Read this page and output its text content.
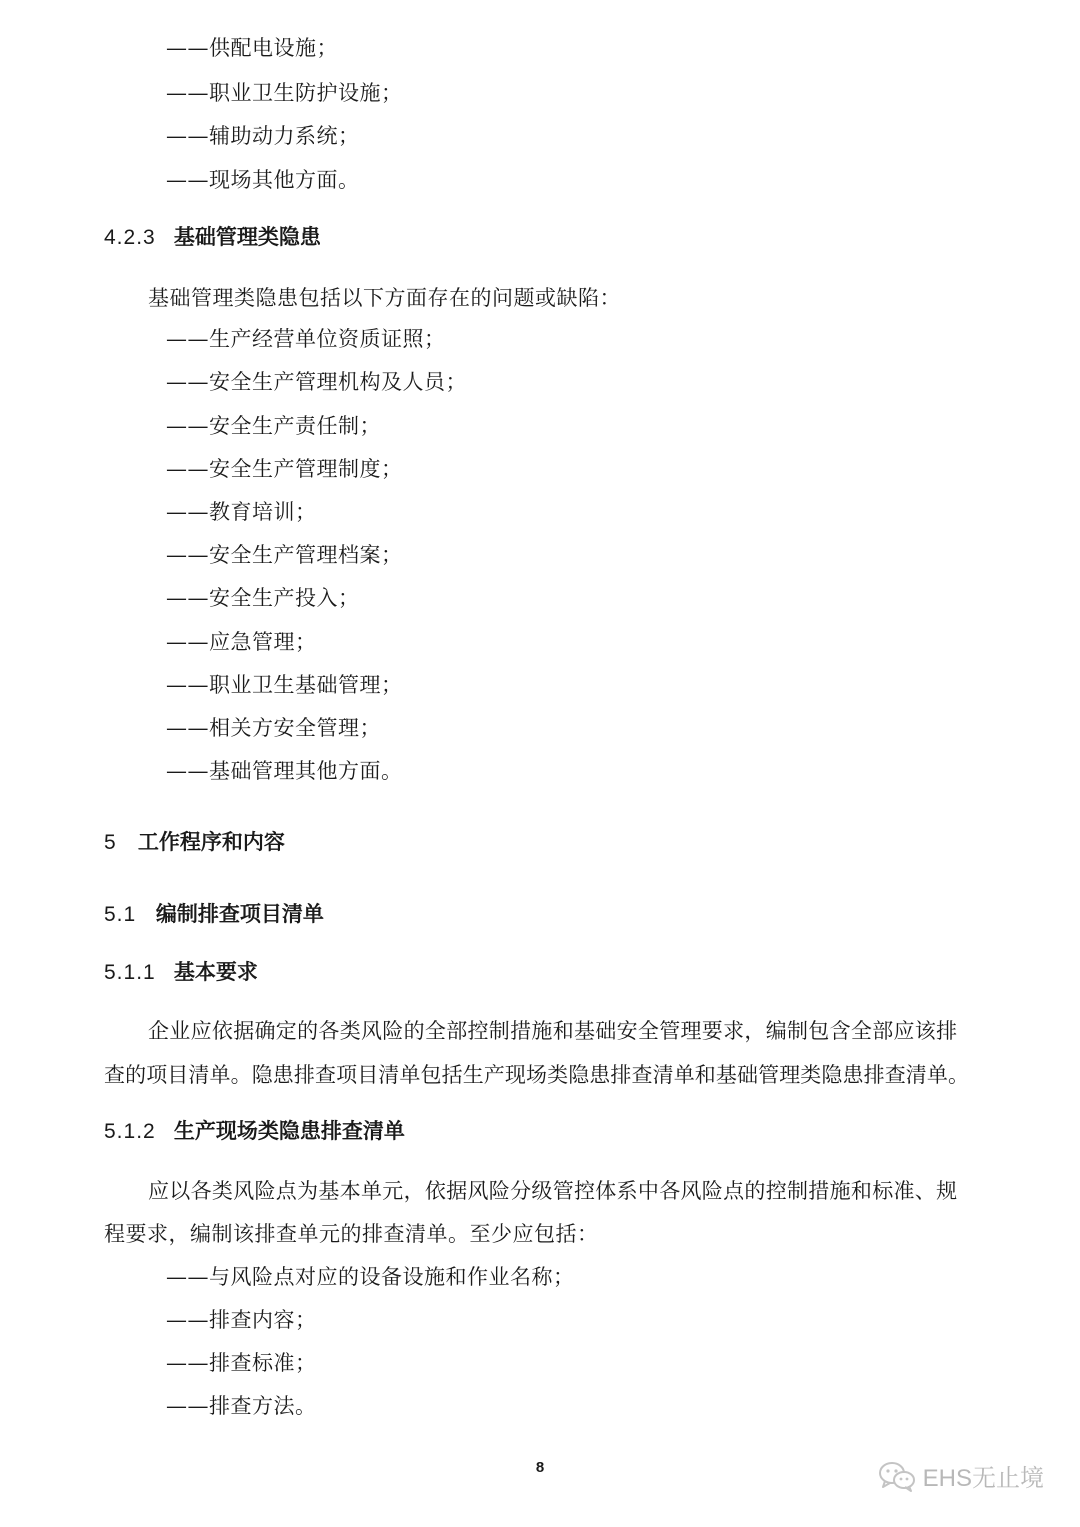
——供配电设施；
——职业卫生防护设施；
——辅助动力系统；
——现场其他方面。
4.2.3 基础管理类隐患
基础管理类隐患包括以下方面存在的问题或缺陷：
——生产经营单位资质证照；
——安全生产管理机构及人员；
——安全生产责任制；
——安全生产管理制度；
——教育培训；
——安全生产管理档案；
——安全生产投入；
——应急管理；
——职业卫生基础管理；
——相关方安全管理；
——基础管理其他方面。
5 工作程序和内容
5.1 编制排查项目清单
5.1.1 基本要求
企业应依据确定的各类风险的全部控制措施和基础安全管理要求，编制包含全部应该排
查的项目清单。隐患排查项目清单包括生产现场类隐患排查清单和基础管理类隐患排查清单。
5.1.2 生产现场类隐患排查清单
应以各类风险点为基本单元，依据风险分级管控体系中各风险点的控制措施和标准、规
程要求，编制该排查单元的排查清单。至少应包括：
——与风险点对应的设备设施和作业名称；
——排查内容；
——排查标准；
——排查方法。
8	EHS无止境
